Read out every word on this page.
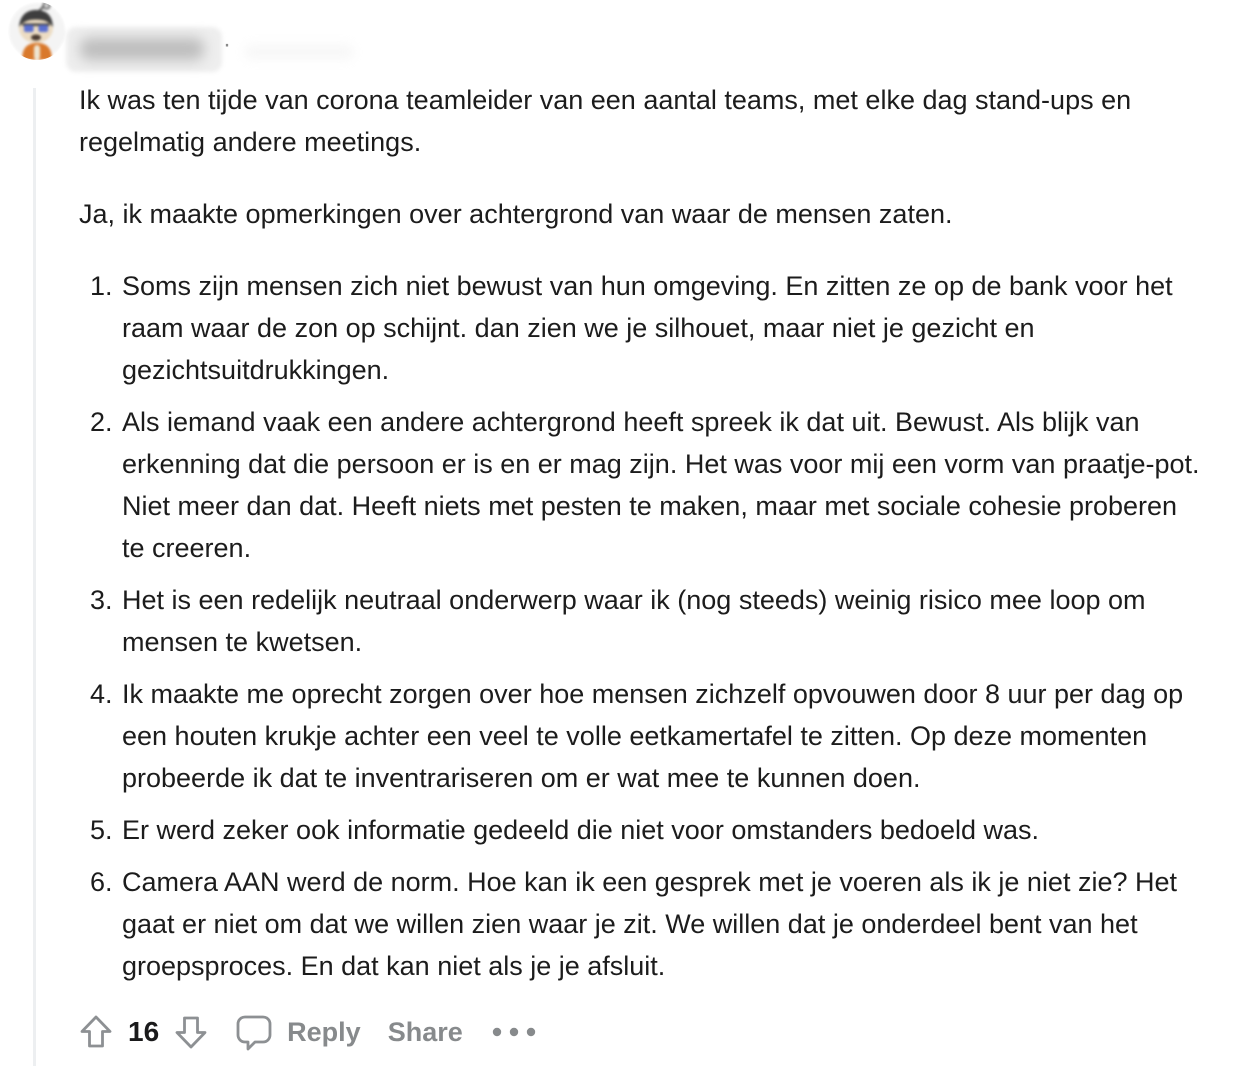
·

Ik was ten tijde van corona teamleider van een aantal teams, met elke dag stand-ups en regelmatig andere meetings.

Ja, ik maakte opmerkingen over achtergrond van waar de mensen zaten.

1. Soms zijn mensen zich niet bewust van hun omgeving. En zitten ze op de bank voor het raam waar de zon op schijnt. dan zien we je silhouet, maar niet je gezicht en gezichtsuitdrukkingen.
2. Als iemand vaak een andere achtergrond heeft spreek ik dat uit. Bewust. Als blijk van erkenning dat die persoon er is en er mag zijn. Het was voor mij een vorm van praatje-pot. Niet meer dan dat. Heeft niets met pesten te maken, maar met sociale cohesie proberen te creeren.
3. Het is een redelijk neutraal onderwerp waar ik (nog steeds) weinig risico mee loop om mensen te kwetsen.
4. Ik maakte me oprecht zorgen over hoe mensen zichzelf opvouwen door 8 uur per dag op een houten krukje achter een veel te volle eetkamertafel te zitten. Op deze momenten probeerde ik dat te inventrariseren om er wat mee te kunnen doen.
5. Er werd zeker ook informatie gedeeld die niet voor omstanders bedoeld was.
6. Camera AAN werd de norm. Hoe kan ik een gesprek met je voeren als ik je niet zie? Het gaat er niet om dat we willen zien waar je zit. We willen dat je onderdeel bent van het groepsproces. En dat kan niet als je je afsluit.
16	Reply Share
